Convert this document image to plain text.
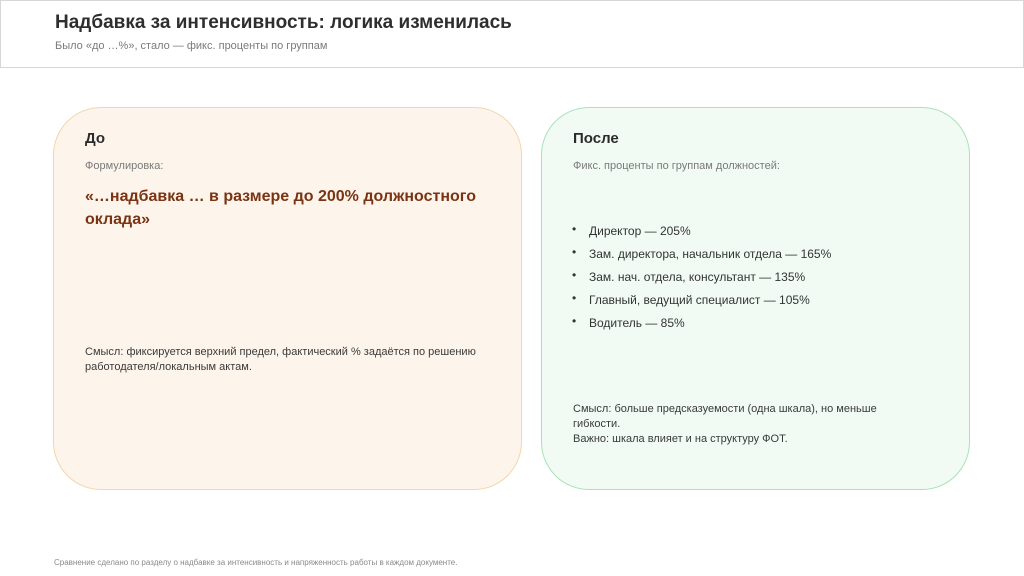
Надбавка за интенсивность: логика изменилась
Было «до …%», стало — фикс. проценты по группам
До
Формулировка:
«…надбавка … в размере до 200% должностного оклада»
Смысл: фиксируется верхний предел, фактический % задаётся по решению работодателя/локальным актам.
После
Фикс. проценты по группам должностей:
• Директор — 205%
• Зам. директора, начальник отдела — 165%
• Зам. нач. отдела, консультант — 135%
• Главный, ведущий специалист — 105%
• Водитель — 85%
Смысл: больше предсказуемости (одна шкала), но меньше гибкости.
Важно: шкала влияет и на структуру ФОТ.
Сравнение сделано по разделу о надбавке за интенсивность и напряженность работы в каждом документе.
